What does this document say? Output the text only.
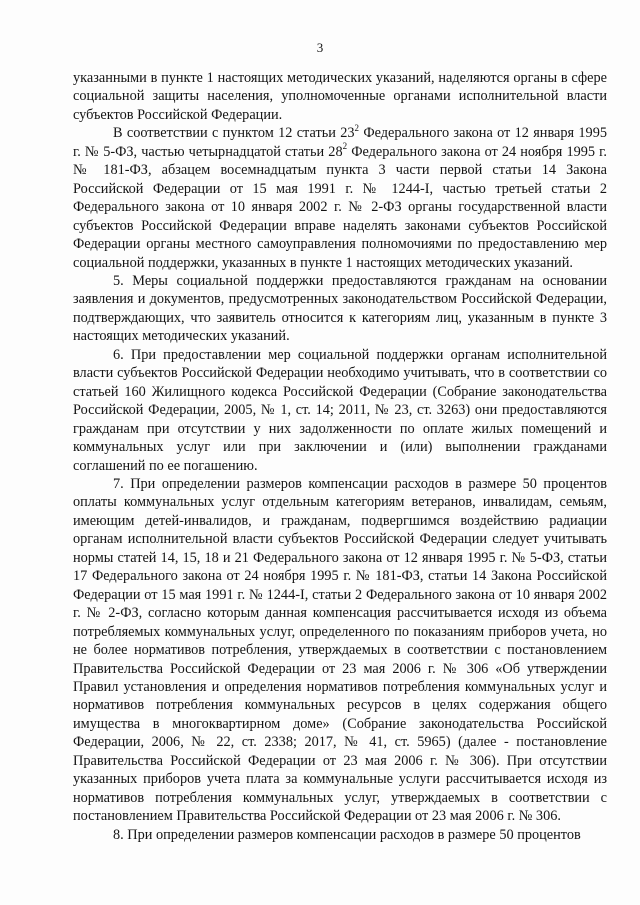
3

указанными в пункте 1 настоящих методических указаний, наделяются органы в сфере социальной защиты населения, уполномоченные органами исполнительной власти субъектов Российской Федерации.

В соответствии с пунктом 12 статьи $23^2$ Федерального закона от 12 января 1995 г. № 5-ФЗ, частью четырнадцатой статьи $28^2$ Федерального закона от 24 ноября 1995 г. № 181-ФЗ, абзацем восемнадцатым пункта 3 части первой статьи 14 Закона Российской Федерации от 15 мая 1991 г. № 1244-I, частью третьей статьи 2 Федерального закона от 10 января 2002 г. № 2-ФЗ органы государственной власти субъектов Российской Федерации вправе наделять законами субъектов Российской Федерации органы местного самоуправления полномочиями по предоставлению мер социальной поддержки, указанных в пункте 1 настоящих методических указаний.

5. Меры социальной поддержки предоставляются гражданам на основании заявления и документов, предусмотренных законодательством Российской Федерации, подтверждающих, что заявитель относится к категориям лиц, указанным в пункте 3 настоящих методических указаний.

6. При предоставлении мер социальной поддержки органам исполнительной власти субъектов Российской Федерации необходимо учитывать, что в соответствии со статьей 160 Жилищного кодекса Российской Федерации (Собрание законодательства Российской Федерации, 2005, № 1, ст. 14; 2011, № 23, ст. 3263) они предоставляются гражданам при отсутствии у них задолженности по оплате жилых помещений и коммунальных услуг или при заключении и (или) выполнении гражданами соглашений по ее погашению.

7. При определении размеров компенсации расходов в размере 50 процентов оплаты коммунальных услуг отдельным категориям ветеранов, инвалидам, семьям, имеющим детей-инвалидов, и гражданам, подвергшимся воздействию радиации органам исполнительной власти субъектов Российской Федерации следует учитывать нормы статей 14, 15, 18 и 21 Федерального закона от 12 января 1995 г. № 5-ФЗ, статьи 17 Федерального закона от 24 ноября 1995 г. № 181-ФЗ, статьи 14 Закона Российской Федерации от 15 мая 1991 г. № 1244-I, статьи 2 Федерального закона от 10 января 2002 г. № 2-ФЗ, согласно которым данная компенсация рассчитывается исходя из объема потребляемых коммунальных услуг, определенного по показаниям приборов учета, но не более нормативов потребления, утверждаемых в соответствии с постановлением Правительства Российской Федерации от 23 мая 2006 г. № 306 «Об утверждении Правил установления и определения нормативов потребления коммунальных услуг и нормативов потребления коммунальных ресурсов в целях содержания общего имущества в многоквартирном доме» (Собрание законодательства Российской Федерации, 2006, № 22, ст. 2338; 2017, № 41, ст. 5965) (далее - постановление Правительства Российской Федерации от 23 мая 2006 г. № 306). При отсутствии указанных приборов учета плата за коммунальные услуги рассчитывается исходя из нормативов потребления коммунальных услуг, утверждаемых в соответствии с постановлением Правительства Российской Федерации от 23 мая 2006 г. № 306.

8. При определении размеров компенсации расходов в размере 50 процентов
